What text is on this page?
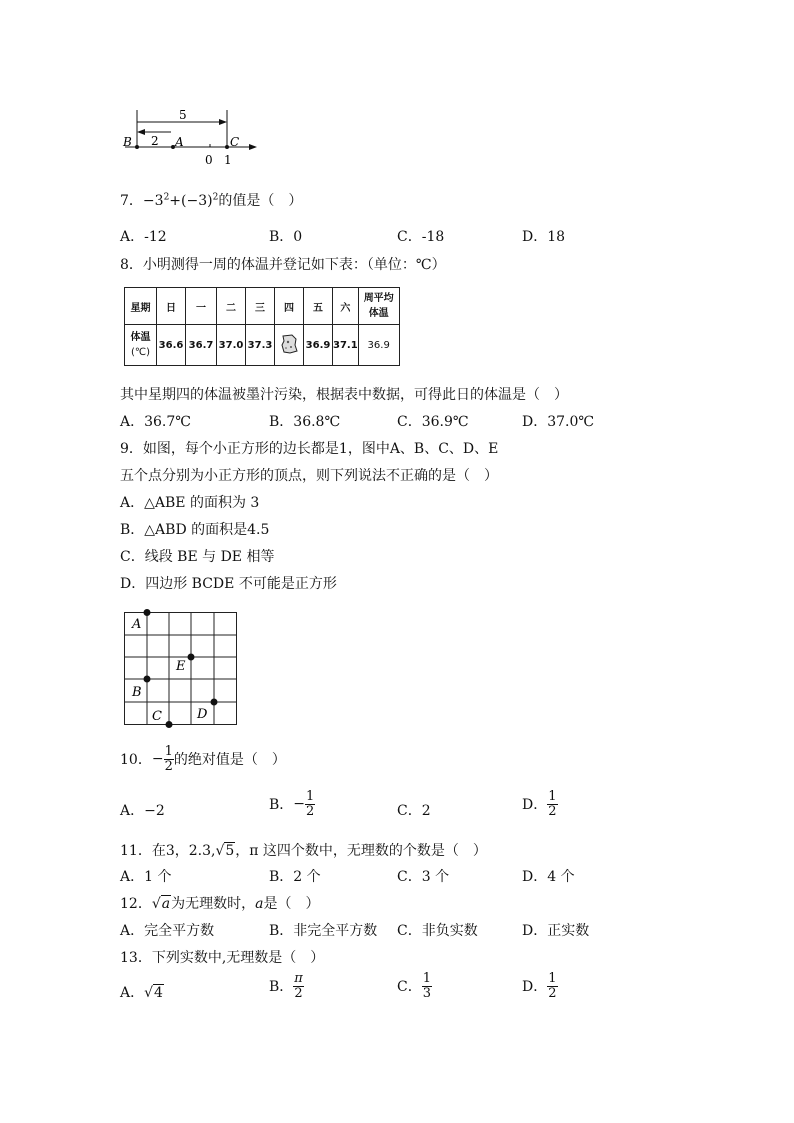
5
2
B	A	C
0 1
7．$-3^2+(-3)^2$的值是（　）
A．-12	B．0	C．-18	D．18
8．小明测得一周的体温并登记如下表：（单位：℃）
星期	日	一	二	三	四	五	六	周平均
体温
体温
(℃)	36.6	36.7	37.0	37.3		36.9	37.1	36.9
其中星期四的体温被墨汁污染，根据表中数据，可得此日的体温是（　）
A．36.7℃	B．36.8℃	C．36.9℃	D．37.0℃
9．如图，每个小正方形的边长都是1，图中A、B、C、D、E
五个点分别为小正方形的顶点，则下列说法不正确的是（　）
A．△ABE 的面积为 3
B．△ABD 的面积是4.5
C．线段 BE 与 DE 相等
D．四边形 BCDE 不可能是正方形
A
E
B
C	D
10．− $\frac{1}{2}$ 的绝对值是（　）
A．−2	B．− $\frac{1}{2}$	C．2	D． $\frac{1}{2}$
11．在3，2.3,√5，π 这四个数中，无理数的个数是（　）
A．1 个	B．2 个	C．3 个	D．4 个
12．√a为无理数时，a是（　）
A．完全平方数	B．非完全平方数 C．非负实数	D．正实数
13．下列实数中,无理数是（　）
A．√4	B． $\frac{\pi}{2}$	C． $\frac{1}{3}$	D． $\frac{1}{2}$
